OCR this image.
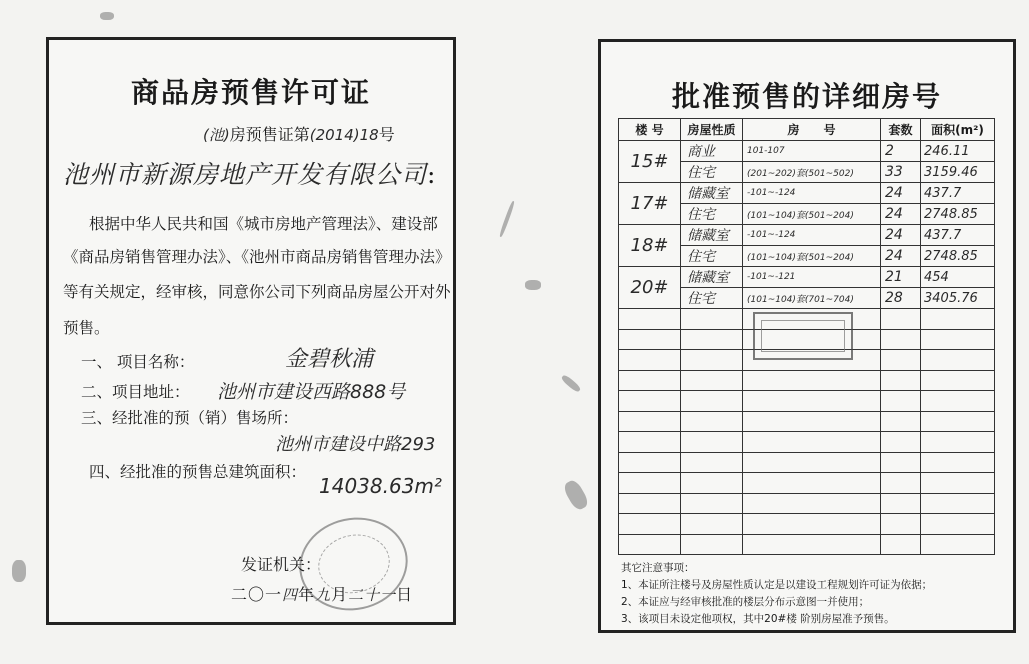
商品房预售许可证
(池)房预售证第(2014)18号
池州市新源房地产开发有限公司:
根据中华人民共和国《城市房地产管理法》、建设部
《商品房销售管理办法》、《池州市商品房销售管理办法》
等有关规定，经审核，同意你公司下列商品房屋公开对外
预售。
一、 项目名称：	金碧秋浦
二、项目地址： 池州市建设西路888号
三、经批准的预（销）售场所：
池州市建设中路293
四、经批准的预售总建筑面积：
14038.63m²
发证机关：
二〇一四年九月二十一日
批准预售的详细房号
楼 号	房屋性质	房　　号	套数	面积(m²)
15#	商业	101-107	2	246.11
	住宅	(201~202)套(501~502)	33	3159.46
17#	储藏室	-101~-124	24	437.7
	住宅	(101~104)套(501~204)	24	2748.85
18#	储藏室	-101~-124	24	437.7
	住宅	(101~104)套(501~204)	24	2748.85
20#	储藏室	-101~-121	21	454
	住宅	(101~104)套(701~704)	28	3405.76

其它注意事项：
1、本证所注楼号及房屋性质认定是以建设工程规划许可证为依据；
2、本证应与经审核批准的楼层分布示意图一并使用；
3、该项目未设定他项权，其中20#楼 阶别房屋准予预售。
